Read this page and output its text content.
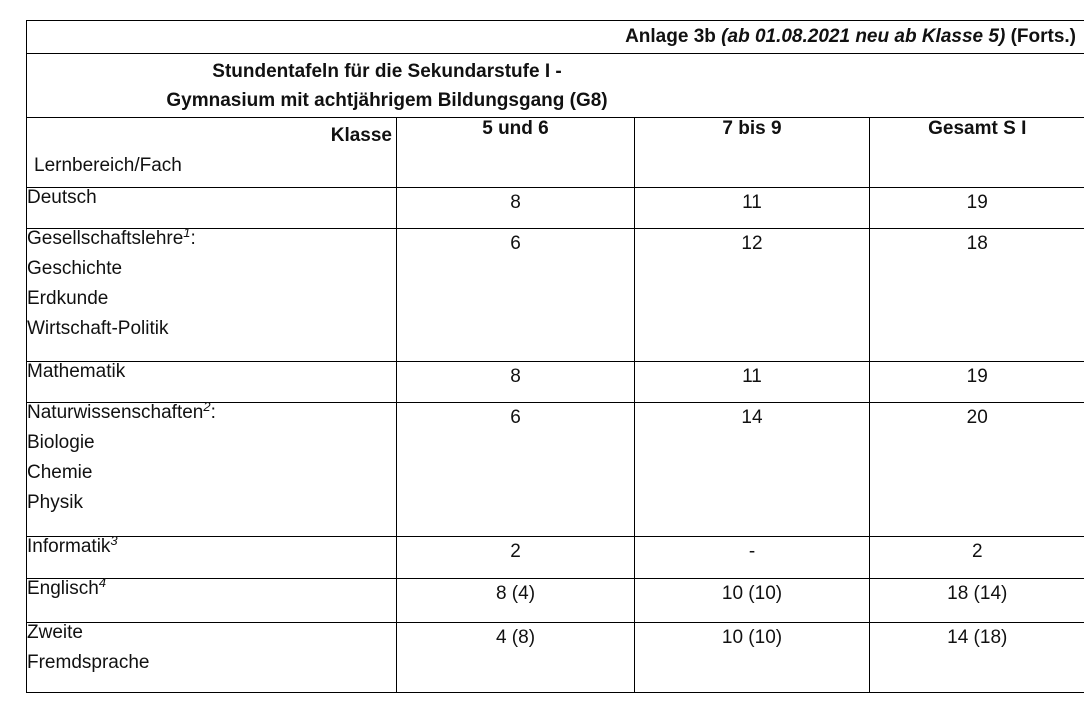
Anlage 3b (ab 01.08.2021 neu ab Klasse 5) (Forts.)
Stundentafeln für die Sekundarstufe I -
Gymnasium mit achtjährigem Bildungsgang (G8)
Klasse
Lernbereich/Fach	5 und 6	7 bis 9	Gesamt S I

Deutsch	8	11	19

Gesellschaftslehre$^1$:
Geschichte
Erdkunde
Wirtschaft-Politik	6	12	18

Mathematik	8	11	19

Naturwissenschaften$^2$:
Biologie
Chemie
Physik	6	14	20

Informatik$^3$	2	-	2

Englisch$^4$	8 (4)	10 (10)	18 (14)

Zweite
Fremdsprache	4 (8)	10 (10)	14 (18)
